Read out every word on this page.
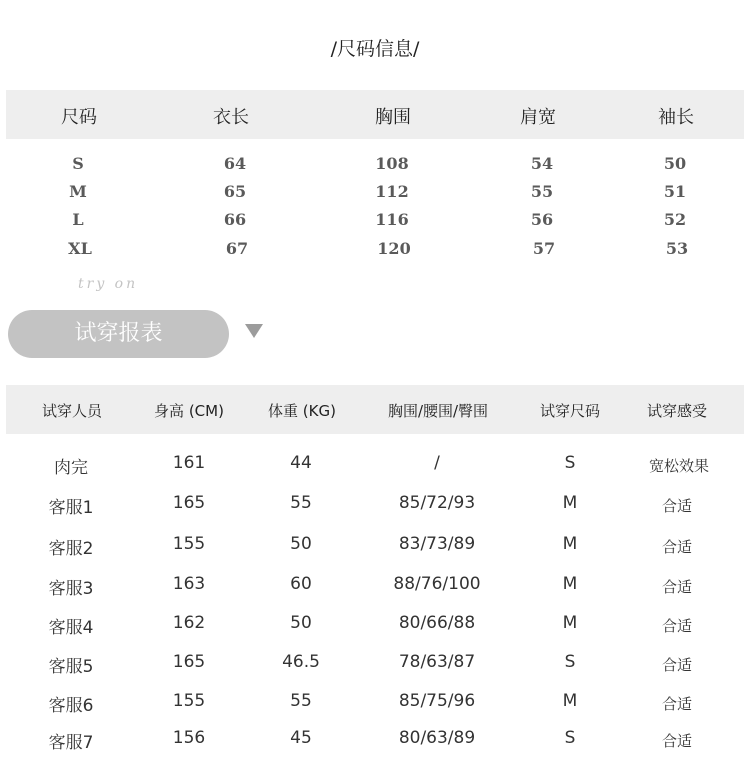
/尺码信息/
尺码	衣长	胸围	肩宽	袖长
S	64	108	54	50
M	65	112	55	51
L	66	116	56	52
XL	67	120	57	53
try on
试穿报表
试穿人员	身高 (CM)	体重 (KG)	胸围/腰围/臀围	试穿尺码	试穿感受
肉完	161	44	/	S	宽松效果
客服1	165	55	85/72/93	M	合适
客服2	155	50	83/73/89	M	合适
客服3	163	60	88/76/100	M	合适
客服4	162	50	80/66/88	M	合适
客服5	165	46.5	78/63/87	S	合适
客服6	155	55	85/75/96	M	合适
客服7	156	45	80/63/89	S	合适
